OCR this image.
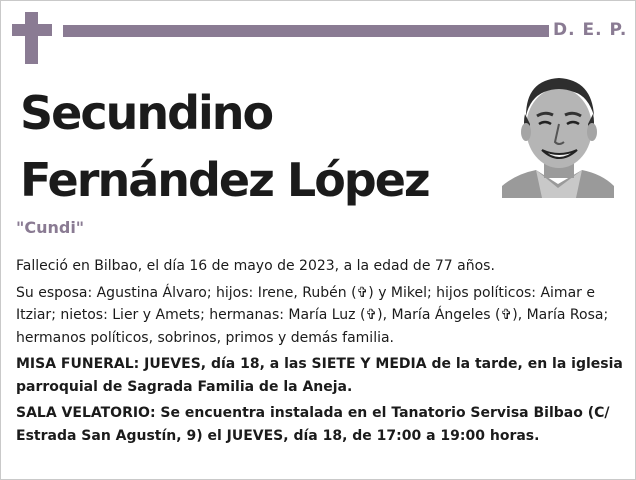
D. E. P.
Secundino
Fernández López
"Cundi"

Falleció en Bilbao, el día 16 de mayo de 2023, a la edad de 77 años.

Su esposa: Agustina Álvaro; hijos: Irene, Rubén (✞) y Mikel; hijos políticos: Aimar e Itziar; nietos: Lier y Amets; hermanas: María Luz (✞), María Ángeles (✞), María Rosa; hermanos políticos, sobrinos, primos y demás familia.

MISA FUNERAL: JUEVES, día 18, a las SIETE Y MEDIA de la tarde, en la iglesia parroquial de Sagrada Familia de la Aneja.

SALA VELATORIO: Se encuentra instalada en el Tanatorio Servisa Bilbao (C/ Estrada San Agustín, 9) el JUEVES, día 18, de 17:00 a 19:00 horas.
